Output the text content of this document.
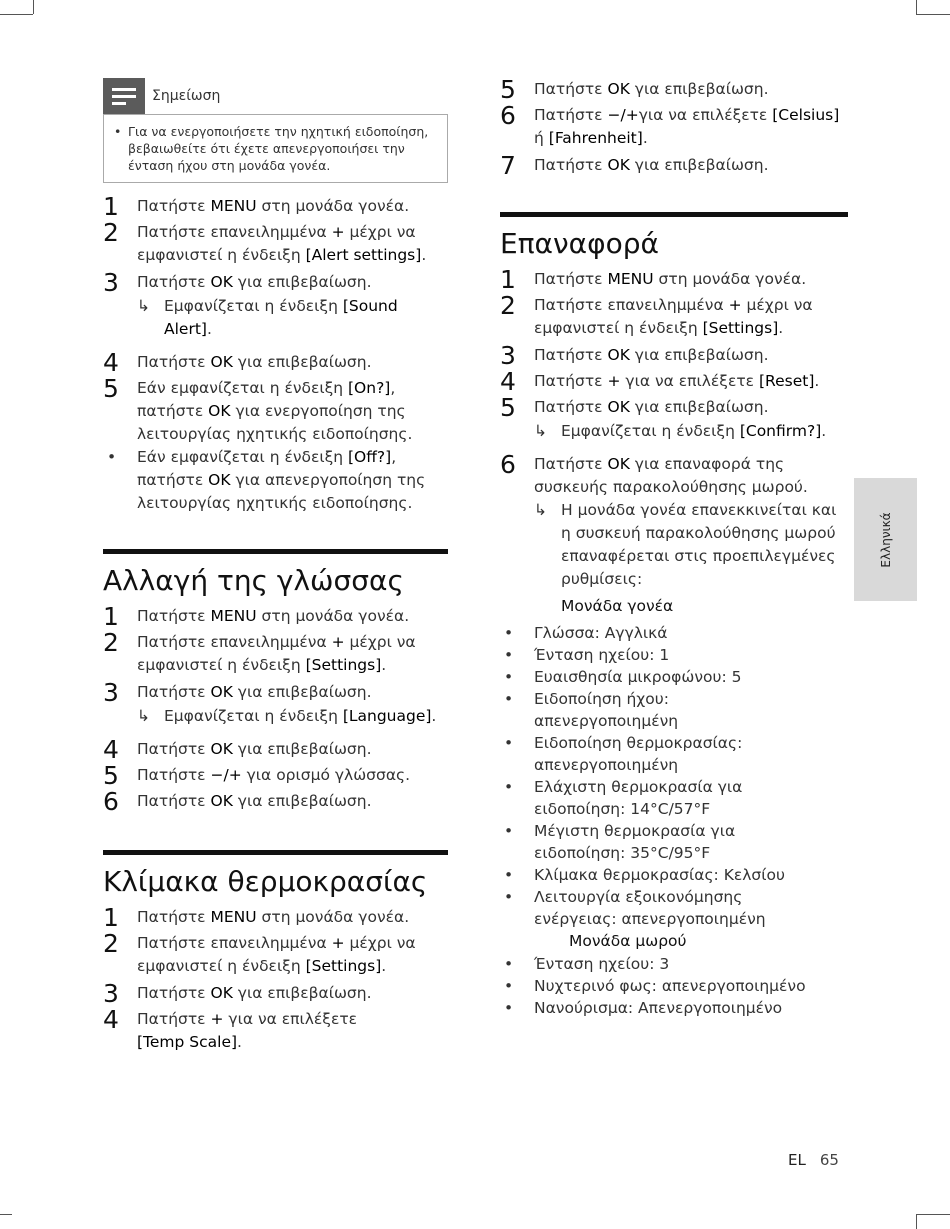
Σημείωση
• Για να ενεργοποιήσετε την ηχητική ειδοποίηση, βεβαιωθείτε ότι έχετε απενεργοποιήσει την ένταση ήχου στη μονάδα γονέα.
1	Πατήστε MENU στη μονάδα γονέα.
2	Πατήστε επανειλημμένα + μέχρι να εμφανιστεί η ένδειξη [Alert settings].
3	Πατήστε OK για επιβεβαίωση.
↳ Εμφανίζεται η ένδειξη [Sound Alert].
4	Πατήστε OK για επιβεβαίωση.
5	Εάν εμφανίζεται η ένδειξη [On?], πατήστε OK για ενεργοποίηση της λειτουργίας ηχητικής ειδοποίησης.
•	Εάν εμφανίζεται η ένδειξη [Off?], πατήστε OK για απενεργοποίηση της λειτουργίας ηχητικής ειδοποίησης.
Αλλαγή της γλώσσας
1	Πατήστε MENU στη μονάδα γονέα.
2	Πατήστε επανειλημμένα + μέχρι να εμφανιστεί η ένδειξη [Settings].
3	Πατήστε OK για επιβεβαίωση.
↳ Εμφανίζεται η ένδειξη [Language].
4	Πατήστε OK για επιβεβαίωση.
5	Πατήστε −/+ για ορισμό γλώσσας.
6	Πατήστε OK για επιβεβαίωση.
Κλίμακα θερμοκρασίας
1	Πατήστε MENU στη μονάδα γονέα.
2	Πατήστε επανειλημμένα + μέχρι να εμφανιστεί η ένδειξη [Settings].
3	Πατήστε OK για επιβεβαίωση.
4	Πατήστε + για να επιλέξετε
[Temp Scale].
5	Πατήστε OK για επιβεβαίωση.
6	Πατήστε −/+για να επιλέξετε [Celsius]
ή [Fahrenheit].
7	Πατήστε OK για επιβεβαίωση.
Επαναφορά
1	Πατήστε MENU στη μονάδα γονέα.
2	Πατήστε επανειλημμένα + μέχρι να εμφανιστεί η ένδειξη [Settings].
3	Πατήστε OK για επιβεβαίωση.
4	Πατήστε + για να επιλέξετε [Reset].
5	Πατήστε OK για επιβεβαίωση.
↳ Εμφανίζεται η ένδειξη [Confirm?].
6	Πατήστε OK για επαναφορά της συσκευής παρακολούθησης μωρού.
↳ Η μονάδα γονέα επανεκκινείται και η συσκευή παρακολούθησης μωρού επαναφέρεται στις προεπιλεγμένες ρυθμίσεις:
Μονάδα γονέα
•	Γλώσσα: Αγγλικά
•	Ένταση ηχείου: 1
•	Ευαισθησία μικροφώνου: 5
•	Ειδοποίηση ήχου: απενεργοποιημένη
•	Ειδοποίηση θερμοκρασίας: απενεργοποιημένη
•	Ελάχιστη θερμοκρασία για ειδοποίηση: 14°C/57°F
•	Μέγιστη θερμοκρασία για ειδοποίηση: 35°C/95°F
•	Κλίμακα θερμοκρασίας: Κελσίου
•	Λειτουργία εξοικονόμησης ενέργειας: απενεργοποιημένη
Μονάδα μωρού
•	Ένταση ηχείου: 3
•	Νυχτερινό φως: απενεργοποιημένο
•	Νανούρισμα: Απενεργοποιημένο
Ελληνικά
EL 65
